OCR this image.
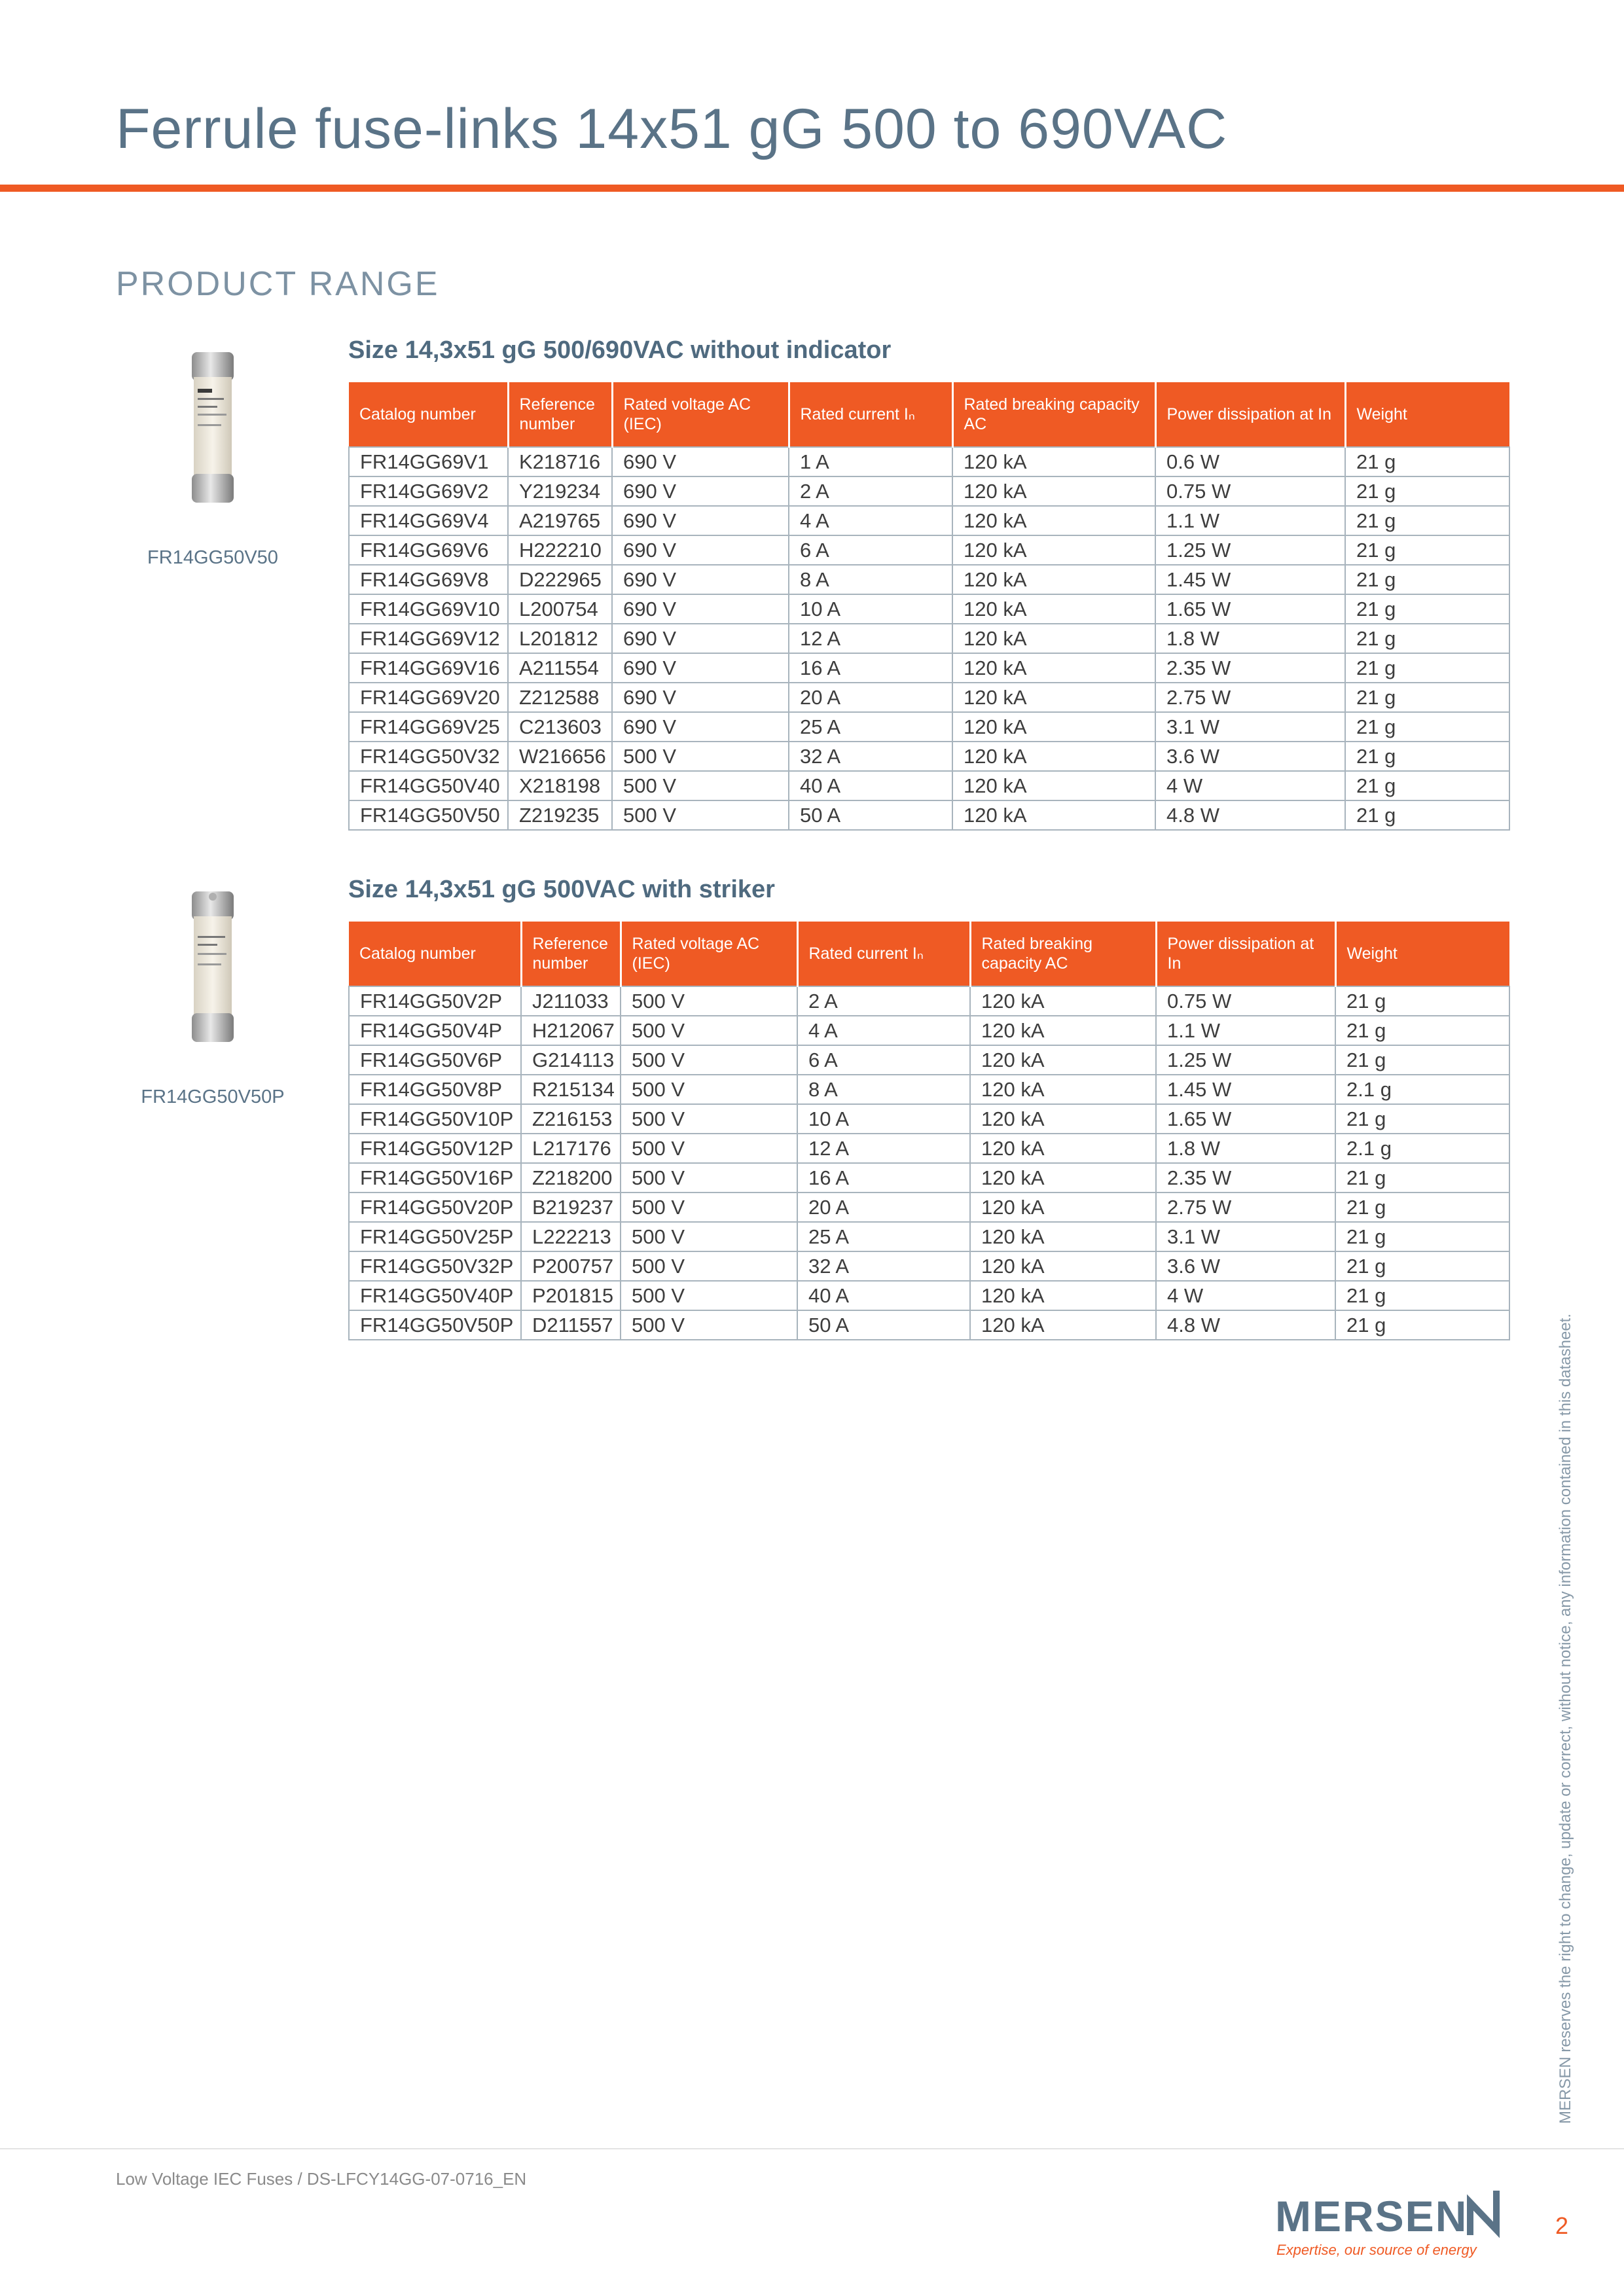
Ferrule fuse-links 14x51 gG 500 to 690VAC
PRODUCT RANGE
FR14GG50V50
Size 14,3x51 gG 500/690VAC without indicator
Catalog number	Reference number	Rated voltage AC (IEC)	Rated current Iₙ	Rated breaking capacity AC	Power dissipation at In	Weight
FR14GG69V1	K218716	690 V	1 A	120 kA	0.6 W	21 g
FR14GG69V2	Y219234	690 V	2 A	120 kA	0.75 W	21 g
FR14GG69V4	A219765	690 V	4 A	120 kA	1.1 W	21 g
FR14GG69V6	H222210	690 V	6 A	120 kA	1.25 W	21 g
FR14GG69V8	D222965	690 V	8 A	120 kA	1.45 W	21 g
FR14GG69V10	L200754	690 V	10 A	120 kA	1.65 W	21 g
FR14GG69V12	L201812	690 V	12 A	120 kA	1.8 W	21 g
FR14GG69V16	A211554	690 V	16 A	120 kA	2.35 W	21 g
FR14GG69V20	Z212588	690 V	20 A	120 kA	2.75 W	21 g
FR14GG69V25	C213603	690 V	25 A	120 kA	3.1 W	21 g
FR14GG50V32	W216656	500 V	32 A	120 kA	3.6 W	21 g
FR14GG50V40	X218198	500 V	40 A	120 kA	4 W	21 g
FR14GG50V50	Z219235	500 V	50 A	120 kA	4.8 W	21 g
FR14GG50V50P
Size 14,3x51 gG 500VAC with striker
Catalog number	Reference number	Rated voltage AC (IEC)	Rated current Iₙ	Rated breaking capacity AC	Power dissipation at In	Weight
FR14GG50V2P	J211033	500 V	2 A	120 kA	0.75 W	21 g
FR14GG50V4P	H212067	500 V	4 A	120 kA	1.1 W	21 g
FR14GG50V6P	G214113	500 V	6 A	120 kA	1.25 W	21 g
FR14GG50V8P	R215134	500 V	8 A	120 kA	1.45 W	2.1 g
FR14GG50V10P	Z216153	500 V	10 A	120 kA	1.65 W	21 g
FR14GG50V12P	L217176	500 V	12 A	120 kA	1.8 W	2.1 g
FR14GG50V16P	Z218200	500 V	16 A	120 kA	2.35 W	21 g
FR14GG50V20P	B219237	500 V	20 A	120 kA	2.75 W	21 g
FR14GG50V25P	L222213	500 V	25 A	120 kA	3.1 W	21 g
FR14GG50V32P	P200757	500 V	32 A	120 kA	3.6 W	21 g
FR14GG50V40P	P201815	500 V	40 A	120 kA	4 W	21 g
FR14GG50V50P	D211557	500 V	50 A	120 kA	4.8 W	21 g	MERSEN reserves the right to change, update or correct, without notice, any information contained in this datasheet.
Low Voltage IEC Fuses / DS-LFCY14GG-07-0716_EN
MERSEN
Expertise, our source of energy
2
